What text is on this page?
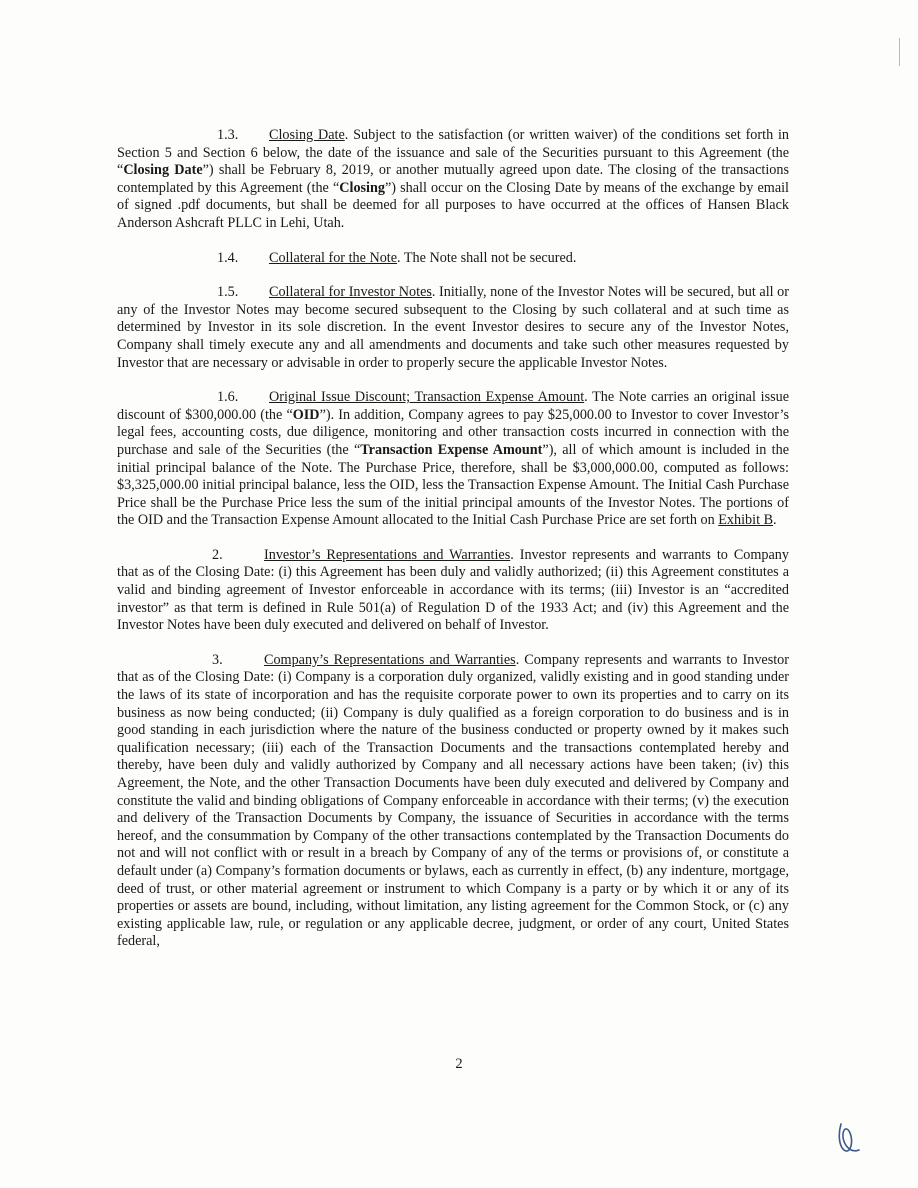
1.3. Closing Date. Subject to the satisfaction (or written waiver) of the conditions set forth in Section 5 and Section 6 below, the date of the issuance and sale of the Securities pursuant to this Agreement (the “Closing Date”) shall be February 8, 2019, or another mutually agreed upon date. The closing of the transactions contemplated by this Agreement (the “Closing”) shall occur on the Closing Date by means of the exchange by email of signed .pdf documents, but shall be deemed for all purposes to have occurred at the offices of Hansen Black Anderson Ashcraft PLLC in Lehi, Utah.

1.4. Collateral for the Note. The Note shall not be secured.

1.5. Collateral for Investor Notes. Initially, none of the Investor Notes will be secured, but all or any of the Investor Notes may become secured subsequent to the Closing by such collateral and at such time as determined by Investor in its sole discretion. In the event Investor desires to secure any of the Investor Notes, Company shall timely execute any and all amendments and documents and take such other measures requested by Investor that are necessary or advisable in order to properly secure the applicable Investor Notes.

1.6. Original Issue Discount; Transaction Expense Amount. The Note carries an original issue discount of $300,000.00 (the “OID”). In addition, Company agrees to pay $25,000.00 to Investor to cover Investor’s legal fees, accounting costs, due diligence, monitoring and other transaction costs incurred in connection with the purchase and sale of the Securities (the “Transaction Expense Amount”), all of which amount is included in the initial principal balance of the Note. The Purchase Price, therefore, shall be $3,000,000.00, computed as follows: $3,325,000.00 initial principal balance, less the OID, less the Transaction Expense Amount. The Initial Cash Purchase Price shall be the Purchase Price less the sum of the initial principal amounts of the Investor Notes. The portions of the OID and the Transaction Expense Amount allocated to the Initial Cash Purchase Price are set forth on Exhibit B.

2.	Investor’s Representations and Warranties. Investor represents and warrants to Company that as of the Closing Date: (i) this Agreement has been duly and validly authorized; (ii) this Agreement constitutes a valid and binding agreement of Investor enforceable in accordance with its terms; (iii) Investor is an “accredited investor” as that term is defined in Rule 501(a) of Regulation D of the 1933 Act; and (iv) this Agreement and the Investor Notes have been duly executed and delivered on behalf of Investor.

3.	Company’s Representations and Warranties. Company represents and warrants to Investor that as of the Closing Date: (i) Company is a corporation duly organized, validly existing and in good standing under the laws of its state of incorporation and has the requisite corporate power to own its properties and to carry on its business as now being conducted; (ii) Company is duly qualified as a foreign corporation to do business and is in good standing in each jurisdiction where the nature of the business conducted or property owned by it makes such qualification necessary; (iii) each of the Transaction Documents and the transactions contemplated hereby and thereby, have been duly and validly authorized by Company and all necessary actions have been taken; (iv) this Agreement, the Note, and the other Transaction Documents have been duly executed and delivered by Company and constitute the valid and binding obligations of Company enforceable in accordance with their terms; (v) the execution and delivery of the Transaction Documents by Company, the issuance of Securities in accordance with the terms hereof, and the consummation by Company of the other transactions contemplated by the Transaction Documents do not and will not conflict with or result in a breach by Company of any of the terms or provisions of, or constitute a default under (a) Company’s formation documents or bylaws, each as currently in effect, (b) any indenture, mortgage, deed of trust, or other material agreement or instrument to which Company is a party or by which it or any of its properties or assets are bound, including, without limitation, any listing agreement for the Common Stock, or (c) any existing applicable law, rule, or regulation or any applicable decree, judgment, or order of any court, United States federal,

2
